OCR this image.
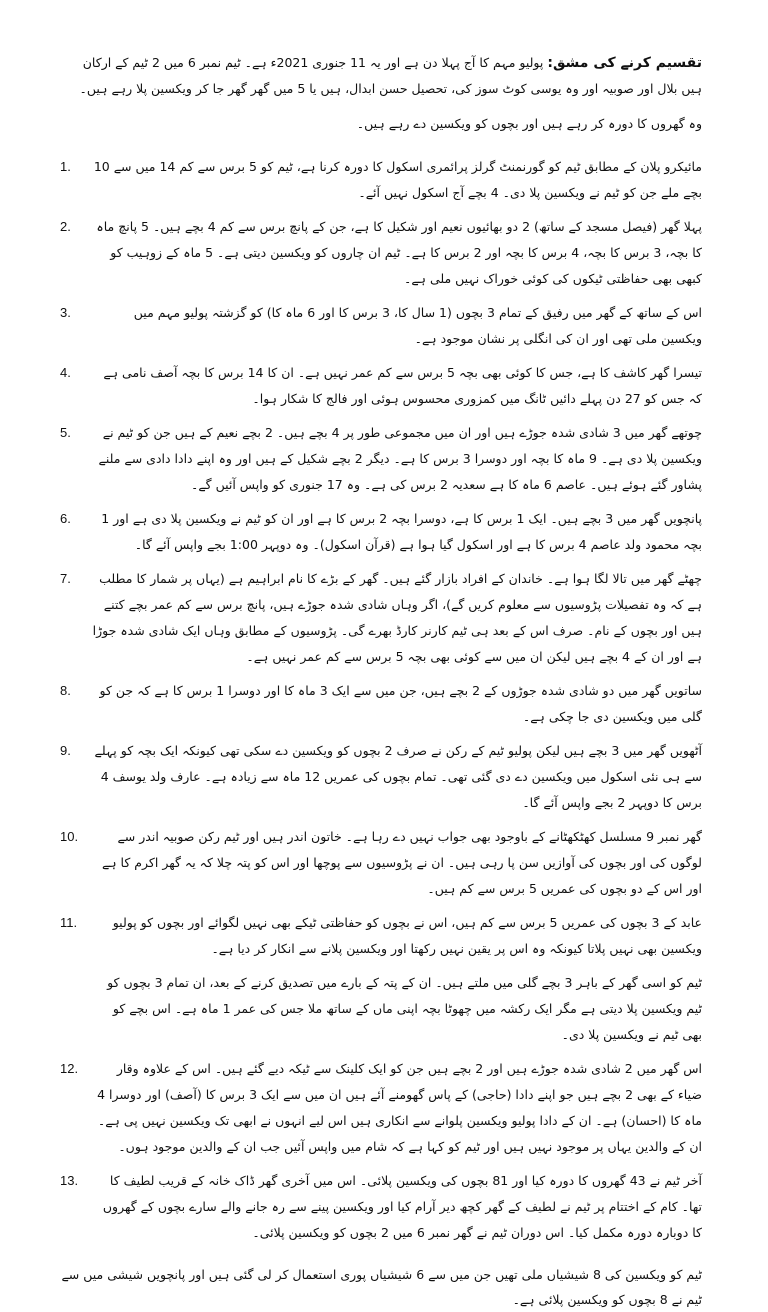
تقسیم کرنے کی مشق: پولیو مہم کا آج پہلا دن ہے اور یہ 11 جنوری 2021ء ہے۔ ٹیم نمبر 6 میں 2 ٹیم کے ارکان ہیں بلال اور صوبیہ اور وہ یوسی کوٹ سوز کی، تحصیل حسن ابدال، ہیں یا 5 میں گھر گھر جا کر ویکسین پلا رہے ہیں۔

وہ گھروں کا دورہ کر رہے ہیں اور بچوں کو ویکسین دے رہے ہیں۔

مائیکرو پلان کے مطابق ٹیم کو گورنمنٹ گرلز پرائمری اسکول کا دورہ کرنا ہے، ٹیم کو 5 برس سے کم 14 میں سے 10 بچے ملے جن کو ٹیم نے ویکسین پلا دی۔ 4 بچے آج اسکول نہیں آئے۔
1.
پہلا گھر (فیصل مسجد کے ساتھ) 2 دو بھائیوں نعیم اور شکیل کا ہے، جن کے پانچ برس سے کم 4 بچے ہیں۔ 5 پانچ ماہ کا بچہ، 3 برس کا بچہ، 4 برس کا بچہ اور 2 برس کا ہے۔ ٹیم ان چاروں کو ویکسین دیتی ہے۔ 5 ماہ کے زوہیب کو کبھی بھی حفاظتی ٹیکوں کی کوئی خوراک نہیں ملی ہے۔
2.
اس کے ساتھ کے گھر میں رفیق کے تمام 3 بچوں (1 سال کا، 3 برس کا اور 6 ماہ کا) کو گزشتہ پولیو مہم میں ویکسین ملی تھی اور ان کی انگلی پر نشان موجود ہے۔
3.
تیسرا گھر کاشف کا ہے، جس کا کوئی بھی بچہ 5 برس سے کم عمر نہیں ہے۔ ان کا 14 برس کا بچہ آصف نامی ہے کہ جس کو 27 دن پہلے دائیں ٹانگ میں کمزوری محسوس ہوئی اور فالج کا شکار ہوا۔
4.
چوتھے گھر میں 3 شادی شدہ جوڑے ہیں اور ان میں مجموعی طور پر 4 بچے ہیں۔ 2 بچے نعیم کے ہیں جن کو ٹیم نے ویکسین پلا دی ہے۔ 9 ماہ کا بچہ اور دوسرا 3 برس کا ہے۔ دیگر 2 بچے شکیل کے ہیں اور وہ اپنے دادا دادی سے ملنے پشاور گئے ہوئے ہیں۔ عاصم 6 ماہ کا ہے سعدیہ 2 برس کی ہے۔ وہ 17 جنوری کو واپس آئیں گے۔
5.
پانچویں گھر میں 3 بچے ہیں۔ ایک 1 برس کا ہے، دوسرا بچہ 2 برس کا ہے اور ان کو ٹیم نے ویکسین پلا دی ہے اور 1 بچہ محمود ولد عاصم 4 برس کا ہے اور اسکول گیا ہوا ہے (قرآن اسکول)۔ وہ دوپہر 1:00 بجے واپس آئے گا۔
6.
چھٹے گھر میں تالا لگا ہوا ہے۔ خاندان کے افراد بازار گئے ہیں۔ گھر کے بڑے کا نام ابراہیم ہے (یہاں پر شمار کا مطلب ہے کہ وہ تفصیلات پڑوسیوں سے معلوم کریں گے)، اگر وہاں شادی شدہ جوڑے ہیں، پانچ برس سے کم عمر بچے کتنے ہیں اور بچوں کے نام۔ صرف اس کے بعد ہی ٹیم کارنر کارڈ بھرے گی۔ پڑوسیوں کے مطابق وہاں ایک شادی شدہ جوڑا ہے اور ان کے 4 بچے ہیں لیکن ان میں سے کوئی بھی بچہ 5 برس سے کم عمر نہیں ہے۔
7.
ساتویں گھر میں دو شادی شدہ جوڑوں کے 2 بچے ہیں، جن میں سے ایک 3 ماہ کا اور دوسرا 1 برس کا ہے کہ جن کو گلی میں ویکسین دی جا چکی ہے۔
8.
آٹھویں گھر میں 3 بچے ہیں لیکن پولیو ٹیم کے رکن نے صرف 2 بچوں کو ویکسین دے سکی تھی کیونکہ ایک بچہ کو پہلے سے ہی نئی اسکول میں ویکسین دے دی گئی تھی۔ تمام بچوں کی عمریں 12 ماہ سے زیادہ ہے۔ عارف ولد یوسف 4 برس کا دوپہر 2 بجے واپس آئے گا۔
9.
گھر نمبر 9 مسلسل کھٹکھٹانے کے باوجود بھی جواب نہیں دے رہا ہے۔ خاتون اندر ہیں اور ٹیم رکن صوبیہ اندر سے لوگوں کی اور بچوں کی آوازیں سن پا رہی ہیں۔ ان نے پڑوسیوں سے پوچھا اور اس کو پتہ چلا کہ یہ گھر اکرم کا ہے اور اس کے دو بچوں کی عمریں 5 برس سے کم ہیں۔
10.
عابد کے 3 بچوں کی عمریں 5 برس سے کم ہیں، اس نے بچوں کو حفاظتی ٹیکے بھی نہیں لگوائے اور بچوں کو پولیو ویکسین بھی نہیں پلاتا کیونکہ وہ اس پر یقین نہیں رکھتا اور ویکسین پلانے سے انکار کر دیا ہے۔
11.
ٹیم کو اسی گھر کے باہر 3 بچے گلی میں ملتے ہیں۔ ان کے پتہ کے بارے میں تصدیق کرنے کے بعد، ان تمام 3 بچوں کو ٹیم ویکسین پلا دیتی ہے مگر ایک رکشہ میں چھوٹا بچہ اپنی ماں کے ساتھ ملا جس کی عمر 1 ماہ ہے۔ اس بچے کو بھی ٹیم نے ویکسین پلا دی۔
اس گھر میں 2 شادی شدہ جوڑے ہیں اور 2 بچے ہیں جن کو ایک کلینک سے ٹیکہ دیے گئے ہیں۔ اس کے علاوہ وقار ضیاء کے بھی 2 بچے ہیں جو اپنے دادا (حاجی) کے پاس گھومنے آئے ہیں ان میں سے ایک 3 برس کا (آصف) اور دوسرا 4 ماہ کا (احسان) ہے۔ ان کے دادا پولیو ویکسین پلوانے سے انکاری ہیں اس لیے انہوں نے ابھی تک ویکسین نہیں پی ہے۔ ان کے والدین یہاں پر موجود نہیں ہیں اور ٹیم کو کہا ہے کہ شام میں واپس آئیں جب ان کے والدین موجود ہوں۔
12.
آخر ٹیم نے 43 گھروں کا دورہ کیا اور 81 بچوں کی ویکسین پلائی۔ اس میں آخری گھر ڈاک خانہ کے قریب لطیف کا تھا۔ کام کے اختتام پر ٹیم نے لطیف کے گھر کچھ دیر آرام کیا اور ویکسین پینے سے رہ جانے والے سارے بچوں کے گھروں کا دوبارہ دورہ مکمل کیا۔ اس دوران ٹیم نے گھر نمبر 6 میں 2 بچوں کو ویکسین پلائی۔
13.

ٹیم کو ویکسین کی 8 شیشیاں ملی تھیں جن میں سے 6 شیشیاں پوری استعمال کر لی گئی ہیں اور پانچویں شیشی میں سے ٹیم نے 8 بچوں کو ویکسین پلائی ہے۔
